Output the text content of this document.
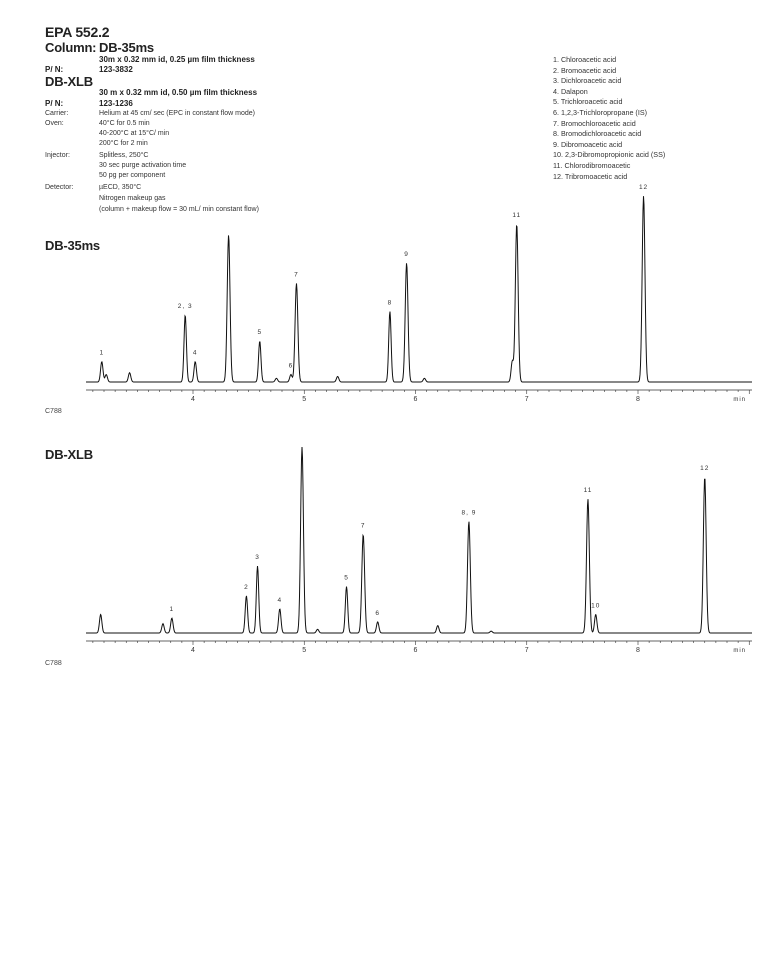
EPA 552.2
Column: DB-35ms
30m x 0.32 mm id, 0.25 µm film thickness
P/ N:	123-3832
DB-XLB
30 m x 0.32 mm id, 0.50 µm film thickness
P/ N:	123-1236
Carrier:	Helium at 45 cm/ sec (EPC in constant flow mode)
Oven:	40°C for 0.5 min
40-200°C at 15°C/ min
200°C for 2 min
Injector:	Splitless, 250°C
30 sec purge activation time
50 pg per component
Detector:	µECD, 350°C
Nitrogen makeup gas
(column + makeup flow = 30 mL/ min constant flow)
1. Chloroacetic acid
2. Bromoacetic acid
3. Dichloroacetic acid
4. Dalapon
5. Trichloroacetic acid
6. 1,2,3-Trichloropropane (IS)
7. Bromochloroacetic acid
8. Bromodichloroacetic acid
9. Dibromoacetic acid
10. 2,3-Dibromopropionic acid (SS)
11. Chlorodibromoacetic
12. Tribromoacetic acid
DB-35ms
4	5	6	7	8	min
1
2, 3
4
5
6
7
8
9
11
12
C788
DB-XLB
4	5	6	7	8	min
1
2
3
4
5
7
6
8, 9
11
10
12
C788
